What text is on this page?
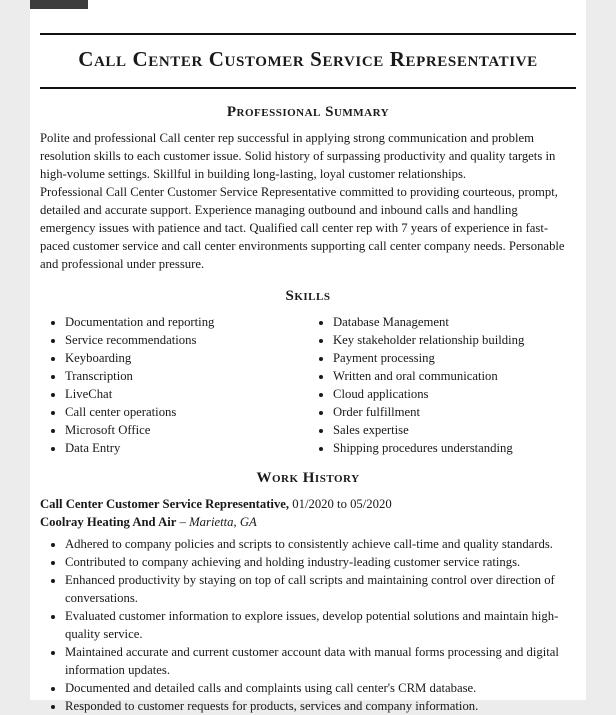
Call Center Customer Service Representative
Professional Summary

Polite and professional Call center rep successful in applying strong communication and problem resolution skills to each customer issue. Solid history of surpassing productivity and quality targets in high-volume settings. Skillful in building long-lasting, loyal customer relationships.

Professional Call Center Customer Service Representative committed to providing courteous, prompt, detailed and accurate support. Experience managing outbound and inbound calls and handling emergency issues with patience and tact. Qualified call center rep with 7 years of experience in fast-paced customer service and call center environments supporting call center company needs. Personable and professional under pressure.

Skills
• Documentation and reporting
• Service recommendations
• Keyboarding
• Transcription
• LiveChat
• Call center operations
• Microsoft Office
• Data Entry
• Database Management
• Key stakeholder relationship building
• Payment processing
• Written and oral communication
• Cloud applications
• Order fulfillment
• Sales expertise
• Shipping procedures understanding
Work History

Call Center Customer Service Representative, 01/2020 to 05/2020

Coolray Heating And Air – Marietta, GA

• Adhered to company policies and scripts to consistently achieve call-time and quality standards.
• Contributed to company achieving and holding industry-leading customer service ratings.
• Enhanced productivity by staying on top of call scripts and maintaining control over direction of conversations.
• Evaluated customer information to explore issues, develop potential solutions and maintain high-quality service.
• Maintained accurate and current customer account data with manual forms processing and digital information updates.
• Documented and detailed calls and complaints using call center's CRM database.
• Responded to customer requests for products, services and company information.
